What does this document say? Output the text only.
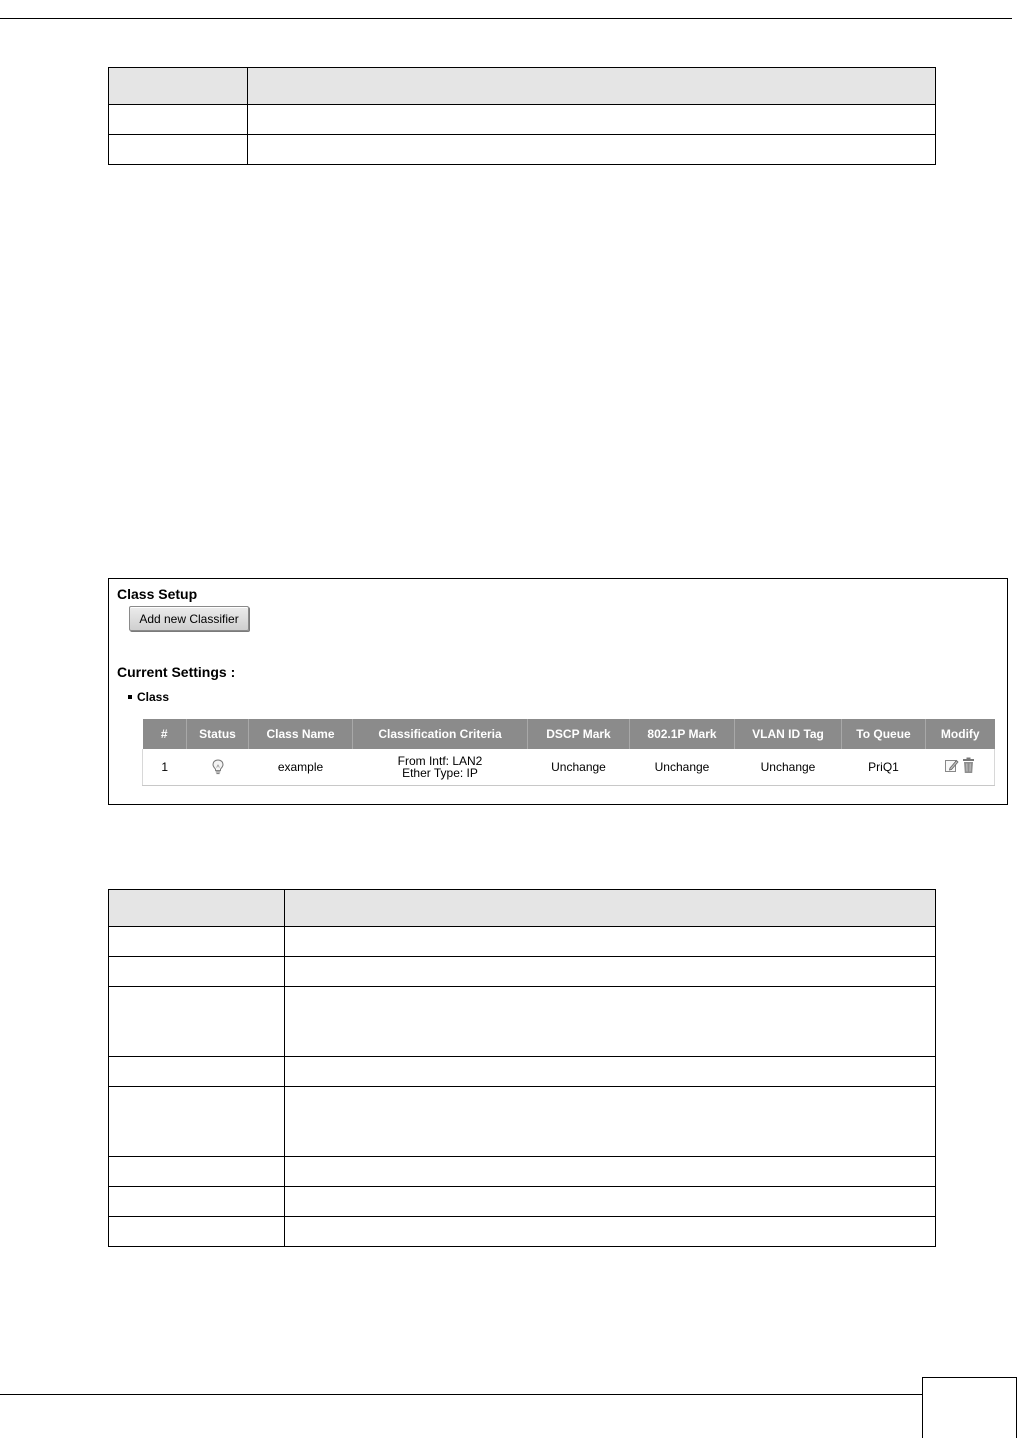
Class Setup
Add new Classifier
Current Settings :
Class
#	Status	Class Name	Classification Criteria	DSCP Mark	802.1P Mark	VLAN ID Tag	To Queue	Modify
1		example	From Intf: LAN2
Ether Type: IP	Unchange	Unchange	Unchange	PriQ1	
